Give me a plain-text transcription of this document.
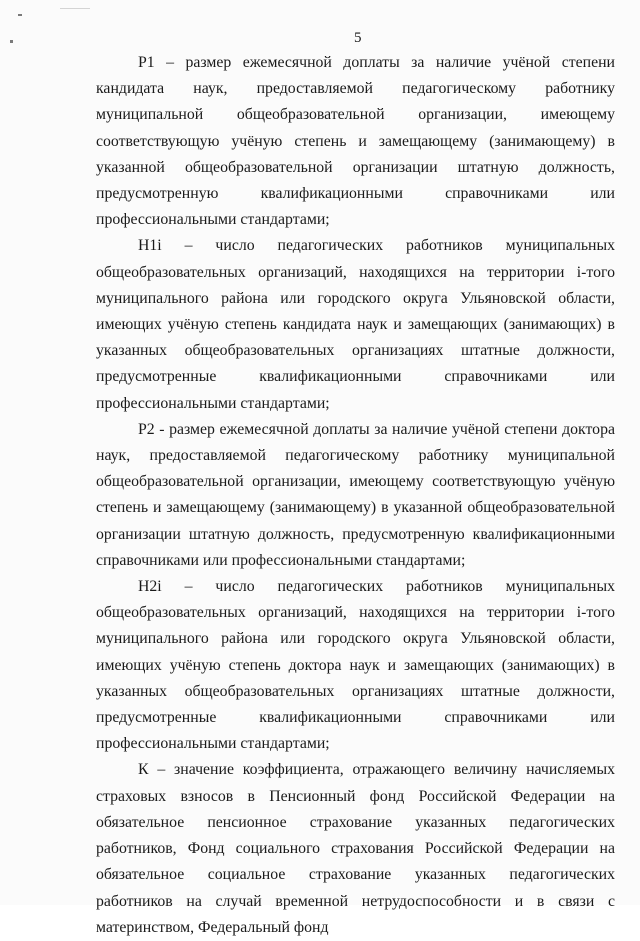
5

Р1 – размер ежемесячной доплаты за наличие учёной степени кандидата наук, предоставляемой педагогическому работнику муниципальной общеобразовательной организации, имеющему соответствующую учёную степень и замещающему (занимающему) в указанной общеобразовательной организации штатную должность, предусмотренную квалификационными справочниками или профессиональными стандартами;

Н1i – число педагогических работников муниципальных общеобразовательных организаций, находящихся на территории i-того муниципального района или городского округа Ульяновской области, имеющих учёную степень кандидата наук и замещающих (занимающих) в указанных общеобразовательных организациях штатные должности, предусмотренные квалификационными справочниками или профессиональными стандартами;

Р2 - размер ежемесячной доплаты за наличие учёной степени доктора наук, предоставляемой педагогическому работнику муниципальной общеобразовательной организации, имеющему соответствующую учёную степень и замещающему (занимающему) в указанной общеобразовательной организации штатную должность, предусмотренную квалификационными справочниками или профессиональными стандартами;

Н2i – число педагогических работников муниципальных общеобразовательных организаций, находящихся на территории i-того муниципального района или городского округа Ульяновской области, имеющих учёную степень доктора наук и замещающих (занимающих) в указанных общеобразовательных организациях штатные должности, предусмотренные квалификационными справочниками или профессиональными стандартами;

К – значение коэффициента, отражающего величину начисляемых страховых взносов в Пенсионный фонд Российской Федерации на обязательное пенсионное страхование указанных педагогических работников, Фонд социального страхования Российской Федерации на обязательное социальное страхование указанных педагогических работников на случай временной нетрудоспособности и в связи с материнством, Федеральный фонд
